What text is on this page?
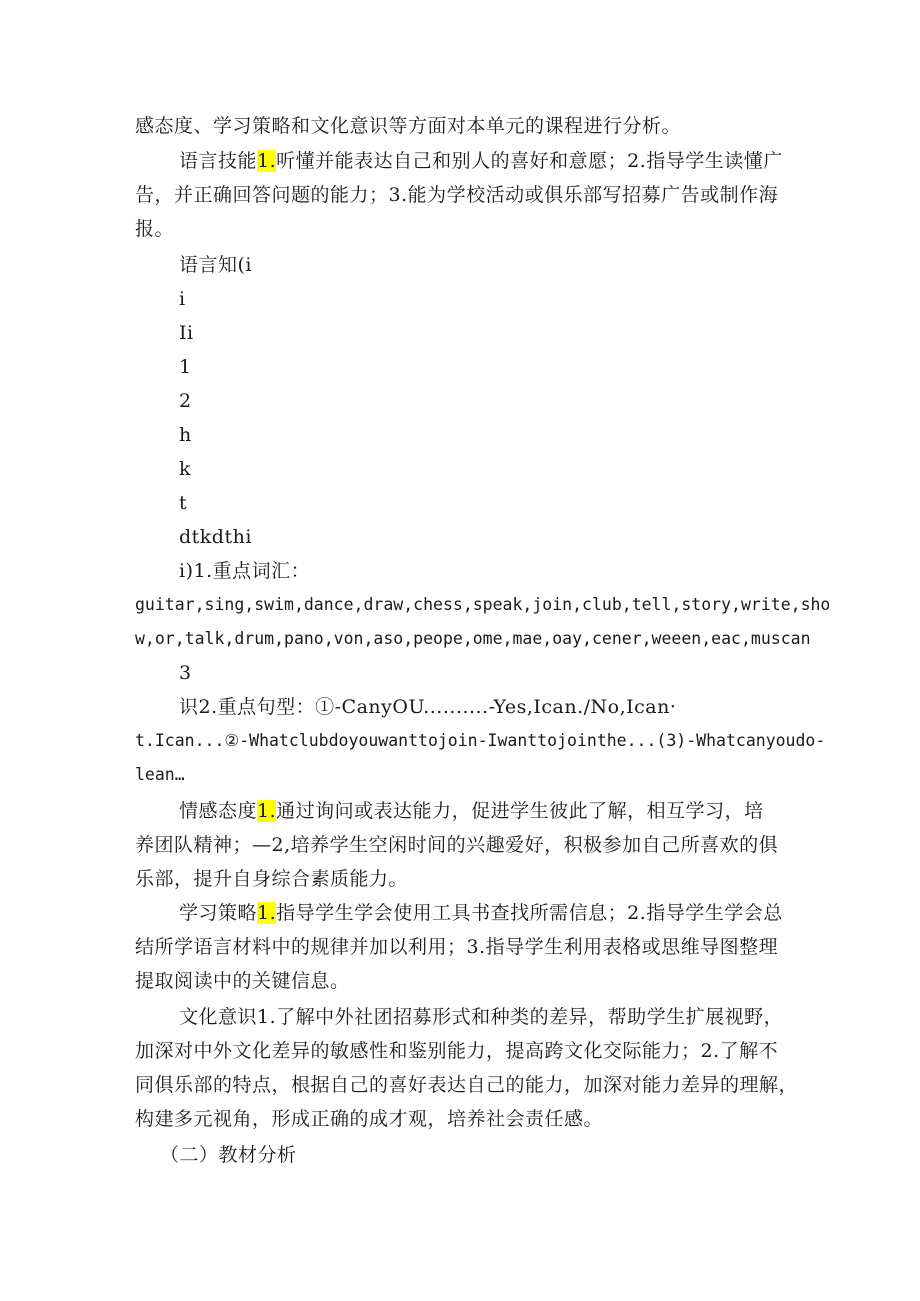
感态度、学习策略和文化意识等方面对本单元的课程进行分析。
语言技能1.听懂并能表达自己和别人的喜好和意愿；2.指导学生读懂广
告，并正确回答问题的能力；3.能为学校活动或俱乐部写招募广告或制作海
报。
语言知(i
i
Ii
1
2
h
k
t
dtkdthi
i)1.重点词汇：
guitar,sing,swim,dance,draw,chess,speak,join,club,tell,story,write,sho
w,or,talk,drum,pano,von,aso,peope,ome,mae,oay,cener,weeen,eac,muscan
3
识2.重点句型：①-CanyOU..........-Yes,Ican./No,Ican·
t.Ican...②-Whatclubdoyouwanttojoin-Iwanttojointhe...(3)-Whatcanyoudo-
lean…
情感态度1.通过询问或表达能力，促进学生彼此了解，相互学习，培
养团队精神；—2,培养学生空闲时间的兴趣爱好，积极参加自己所喜欢的俱
乐部，提升自身综合素质能力。
学习策略1.指导学生学会使用工具书查找所需信息；2.指导学生学会总
结所学语言材料中的规律并加以利用；3.指导学生利用表格或思维导图整理
提取阅读中的关键信息。
文化意识1.了解中外社团招募形式和种类的差异，帮助学生扩展视野，
加深对中外文化差异的敏感性和鉴别能力，提高跨文化交际能力；2.了解不
同俱乐部的特点，根据自己的喜好表达自己的能力，加深对能力差异的理解，
构建多元视角，形成正确的成才观，培养社会责任感。
（二）教材分析
